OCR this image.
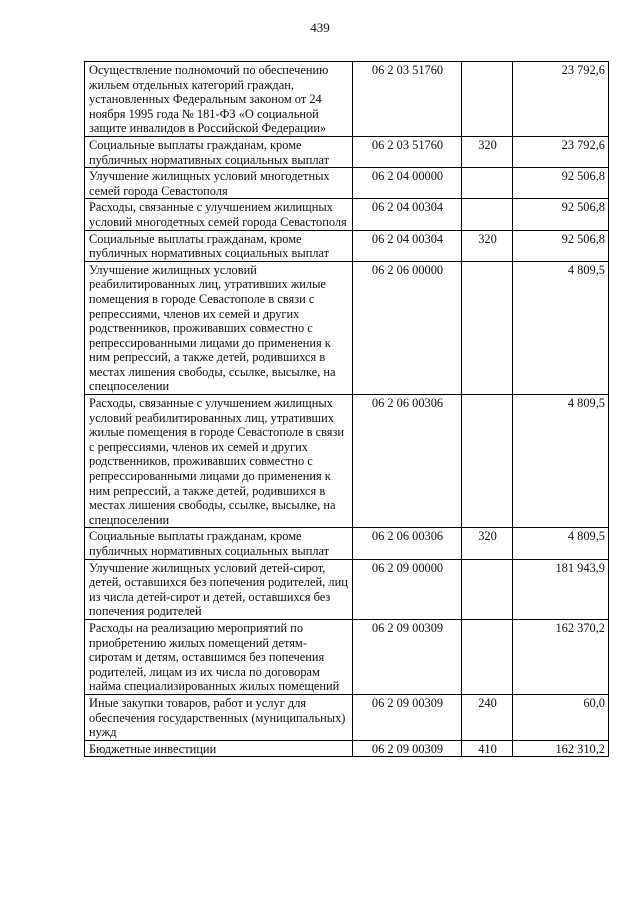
439
Осуществление полномочий по обеспечению жильем отдельных категорий граждан, установленных Федеральным законом от 24 ноября 1995 года № 181-ФЗ «О социальной защите инвалидов в Российской Федерации»	06 2 03 51760		23 792,6
Социальные выплаты гражданам, кроме публичных нормативных социальных выплат	06 2 03 51760	320	23 792,6
Улучшение жилищных условий многодетных семей города Севастополя	06 2 04 00000		92 506,8
Расходы, связанные с улучшением жилищных условий многодетных семей города Севастополя	06 2 04 00304		92 506,8
Социальные выплаты гражданам, кроме публичных нормативных социальных выплат	06 2 04 00304	320	92 506,8
Улучшение жилищных условий реабилитированных лиц, утративших жилые помещения в городе Севастополе в связи с репрессиями, членов их семей и других родственников, проживавших совместно с репрессированными лицами до применения к ним репрессий, а также детей, родившихся в местах лишения свободы, ссылке, высылке, на спецпоселении	06 2 06 00000		4 809,5
Расходы, связанные с улучшением жилищных условий реабилитированных лиц, утративших жилые помещения в городе Севастополе в связи с репрессиями, членов их семей и других родственников, проживавших совместно с репрессированными лицами до применения к ним репрессий, а также детей, родившихся в местах лишения свободы, ссылке, высылке, на спецпоселении	06 2 06 00306		4 809,5
Социальные выплаты гражданам, кроме публичных нормативных социальных выплат	06 2 06 00306	320	4 809,5
Улучшение жилищных условий детей-сирот, детей, оставшихся без попечения родителей, лиц из числа детей-сирот и детей, оставшихся без попечения родителей	06 2 09 00000		181 943,9
Расходы на реализацию мероприятий по приобретению жилых помещений детям-сиротам и детям, оставшимся без попечения родителей, лицам из их числа по договорам найма специализированных жилых помещений	06 2 09 00309		162 370,2
Иные закупки товаров, работ и услуг для обеспечения государственных (муниципальных) нужд	06 2 09 00309	240	60,0
Бюджетные инвестиции	06 2 09 00309	410	162 310,2
